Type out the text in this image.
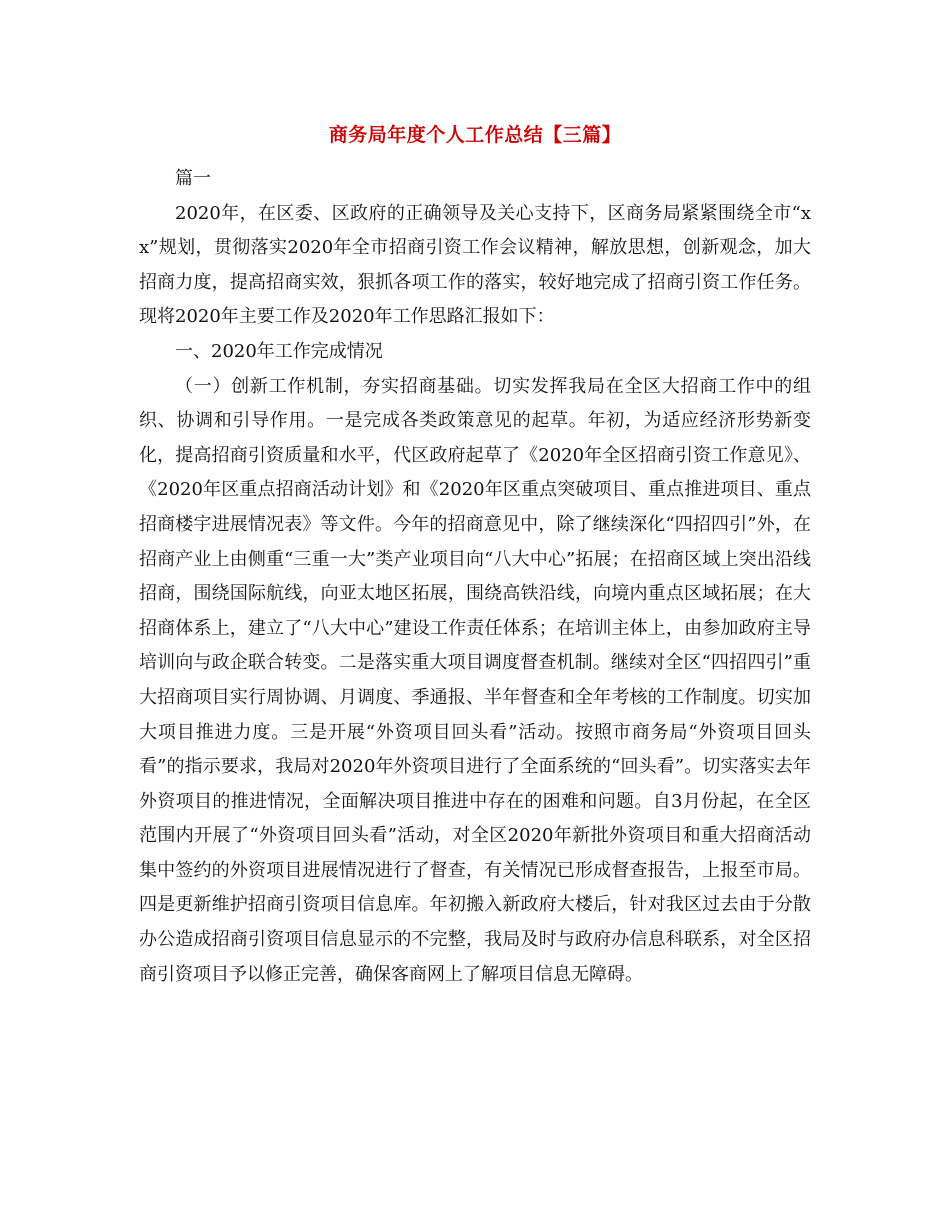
商务局年度个人工作总结【三篇】

篇一

2020年，在区委、区政府的正确领导及关心支持下，区商务局紧紧围绕全市“xx”规划，贯彻落实2020年全市招商引资工作会议精神，解放思想，创新观念，加大招商力度，提高招商实效，狠抓各项工作的落实，较好地完成了招商引资工作任务。现将2020年主要工作及2020年工作思路汇报如下：

一、2020年工作完成情况

（一）创新工作机制，夯实招商基础。切实发挥我局在全区大招商工作中的组织、协调和引导作用。一是完成各类政策意见的起草。年初，为适应经济形势新变化，提高招商引资质量和水平，代区政府起草了《2020年全区招商引资工作意见》、《2020年区重点招商活动计划》和《2020年区重点突破项目、重点推进项目、重点招商楼宇进展情况表》等文件。今年的招商意见中，除了继续深化“四招四引”外，在招商产业上由侧重“三重一大”类产业项目向“八大中心”拓展；在招商区域上突出沿线招商，围绕国际航线，向亚太地区拓展，围绕高铁沿线，向境内重点区域拓展；在大招商体系上，建立了“八大中心”建设工作责任体系；在培训主体上，由参加政府主导培训向与政企联合转变。二是落实重大项目调度督查机制。继续对全区“四招四引”重大招商项目实行周协调、月调度、季通报、半年督查和全年考核的工作制度。切实加大项目推进力度。三是开展“外资项目回头看”活动。按照市商务局“外资项目回头看”的指示要求，我局对2020年外资项目进行了全面系统的“回头看”。切实落实去年外资项目的推进情况，全面解决项目推进中存在的困难和问题。自3月份起，在全区范围内开展了“外资项目回头看”活动，对全区2020年新批外资项目和重大招商活动集中签约的外资项目进展情况进行了督查，有关情况已形成督查报告，上报至市局。四是更新维护招商引资项目信息库。年初搬入新政府大楼后，针对我区过去由于分散办公造成招商引资项目信息显示的不完整，我局及时与政府办信息科联系，对全区招商引资项目予以修正完善，确保客商网上了解项目信息无障碍。
